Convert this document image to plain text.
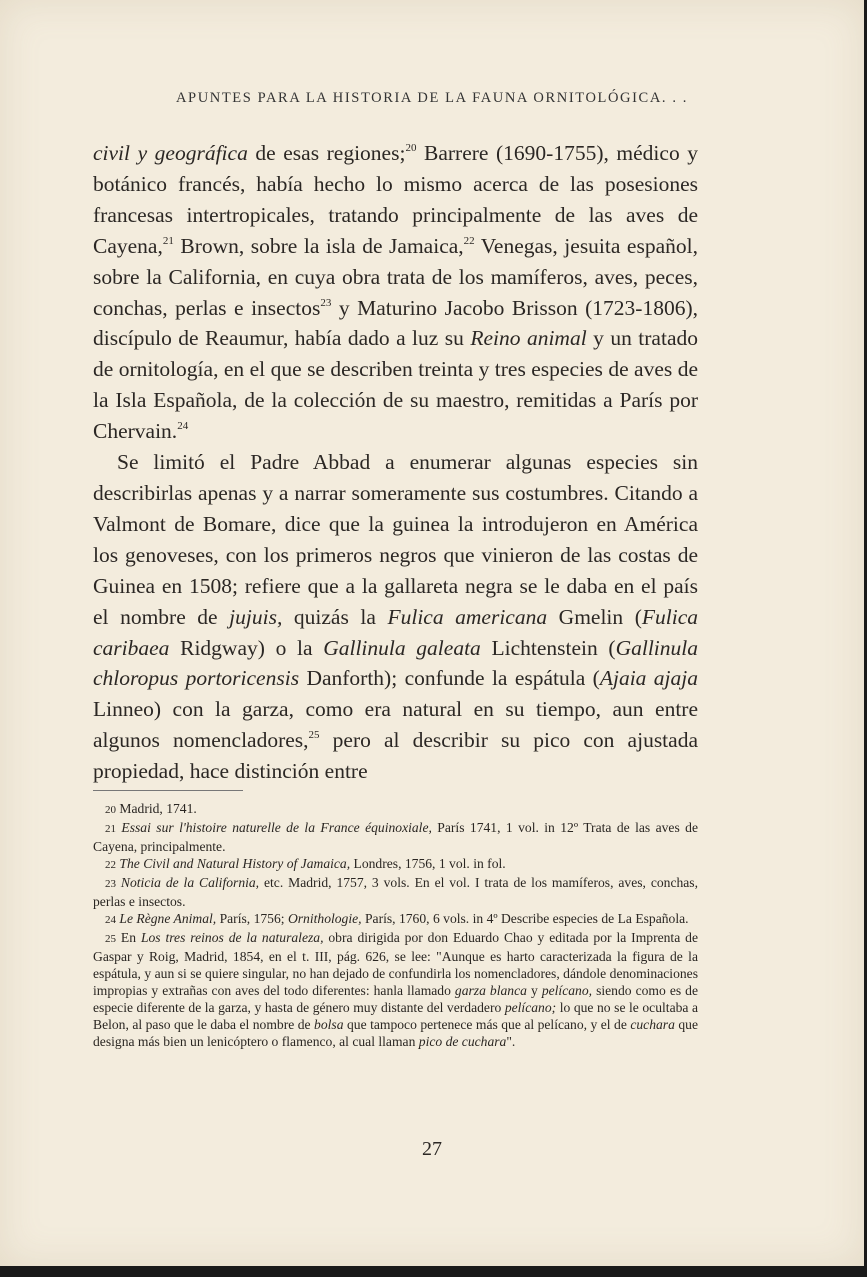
APUNTES PARA LA HISTORIA DE LA FAUNA ORNITOLÓGICA. . .

civil y geográfica de esas regiones;$^{20}$ Barrere (1690-1755), médico y botánico francés, había hecho lo mismo acerca de las posesiones francesas intertropicales, tratando principalmente de las aves de Cayena,$^{21}$ Brown, sobre la isla de Jamaica,$^{22}$ Venegas, jesuita español, sobre la California, en cuya obra trata de los mamíferos, aves, peces, conchas, perlas e insectos$^{23}$ y Maturino Jacobo Brisson (1723-1806), discípulo de Reaumur, había dado a luz su Reino animal y un tratado de ornitología, en el que se describen treinta y tres especies de aves de la Isla Española, de la colección de su maestro, remitidas a París por Chervain.$^{24}$

Se limitó el Padre Abbad a enumerar algunas especies sin describirlas apenas y a narrar someramente sus costumbres. Citando a Valmont de Bomare, dice que la guinea la introdujeron en América los genoveses, con los primeros negros que vinieron de las costas de Guinea en 1508; refiere que a la gallareta negra se le daba en el país el nombre de jujuis, quizás la Fulica americana Gmelin (Fulica caribaea Ridgway) o la Gallinula galeata Lichtenstein (Gallinula chloropus portoricensis Danforth); confunde la espátula (Ajaia ajaja Linneo) con la garza, como era natural en su tiempo, aun entre algunos nomencladores,$^{25}$ pero al describir su pico con ajustada propiedad, hace distinción entre

20 Madrid, 1741.

21 Essai sur l'histoire naturelle de la France équinoxiale, París 1741, 1 vol. in 12º Trata de las aves de Cayena, principalmente.

22 The Civil and Natural History of Jamaica, Londres, 1756, 1 vol. in fol.

23 Noticia de la California, etc. Madrid, 1757, 3 vols. En el vol. I trata de los mamíferos, aves, conchas, perlas e insectos.

24 Le Règne Animal, París, 1756; Ornithologie, París, 1760, 6 vols. in 4º Describe especies de La Española.

25 En Los tres reinos de la naturaleza, obra dirigida por don Eduardo Chao y editada por la Imprenta de Gaspar y Roig, Madrid, 1854, en el t. III, pág. 626, se lee: "Aunque es harto caracterizada la figura de la espátula, y aun si se quiere singular, no han dejado de confundirla los nomencladores, dándole denominaciones impropias y extrañas con aves del todo diferentes: hanla llamado garza blanca y pelícano, siendo como es de especie diferente de la garza, y hasta de género muy distante del verdadero pelícano; lo que no se le ocultaba a Belon, al paso que le daba el nombre de bolsa que tampoco pertenece más que al pelícano, y el de cuchara que designa más bien un lenicóptero o flamenco, al cual llaman pico de cuchara".

27
